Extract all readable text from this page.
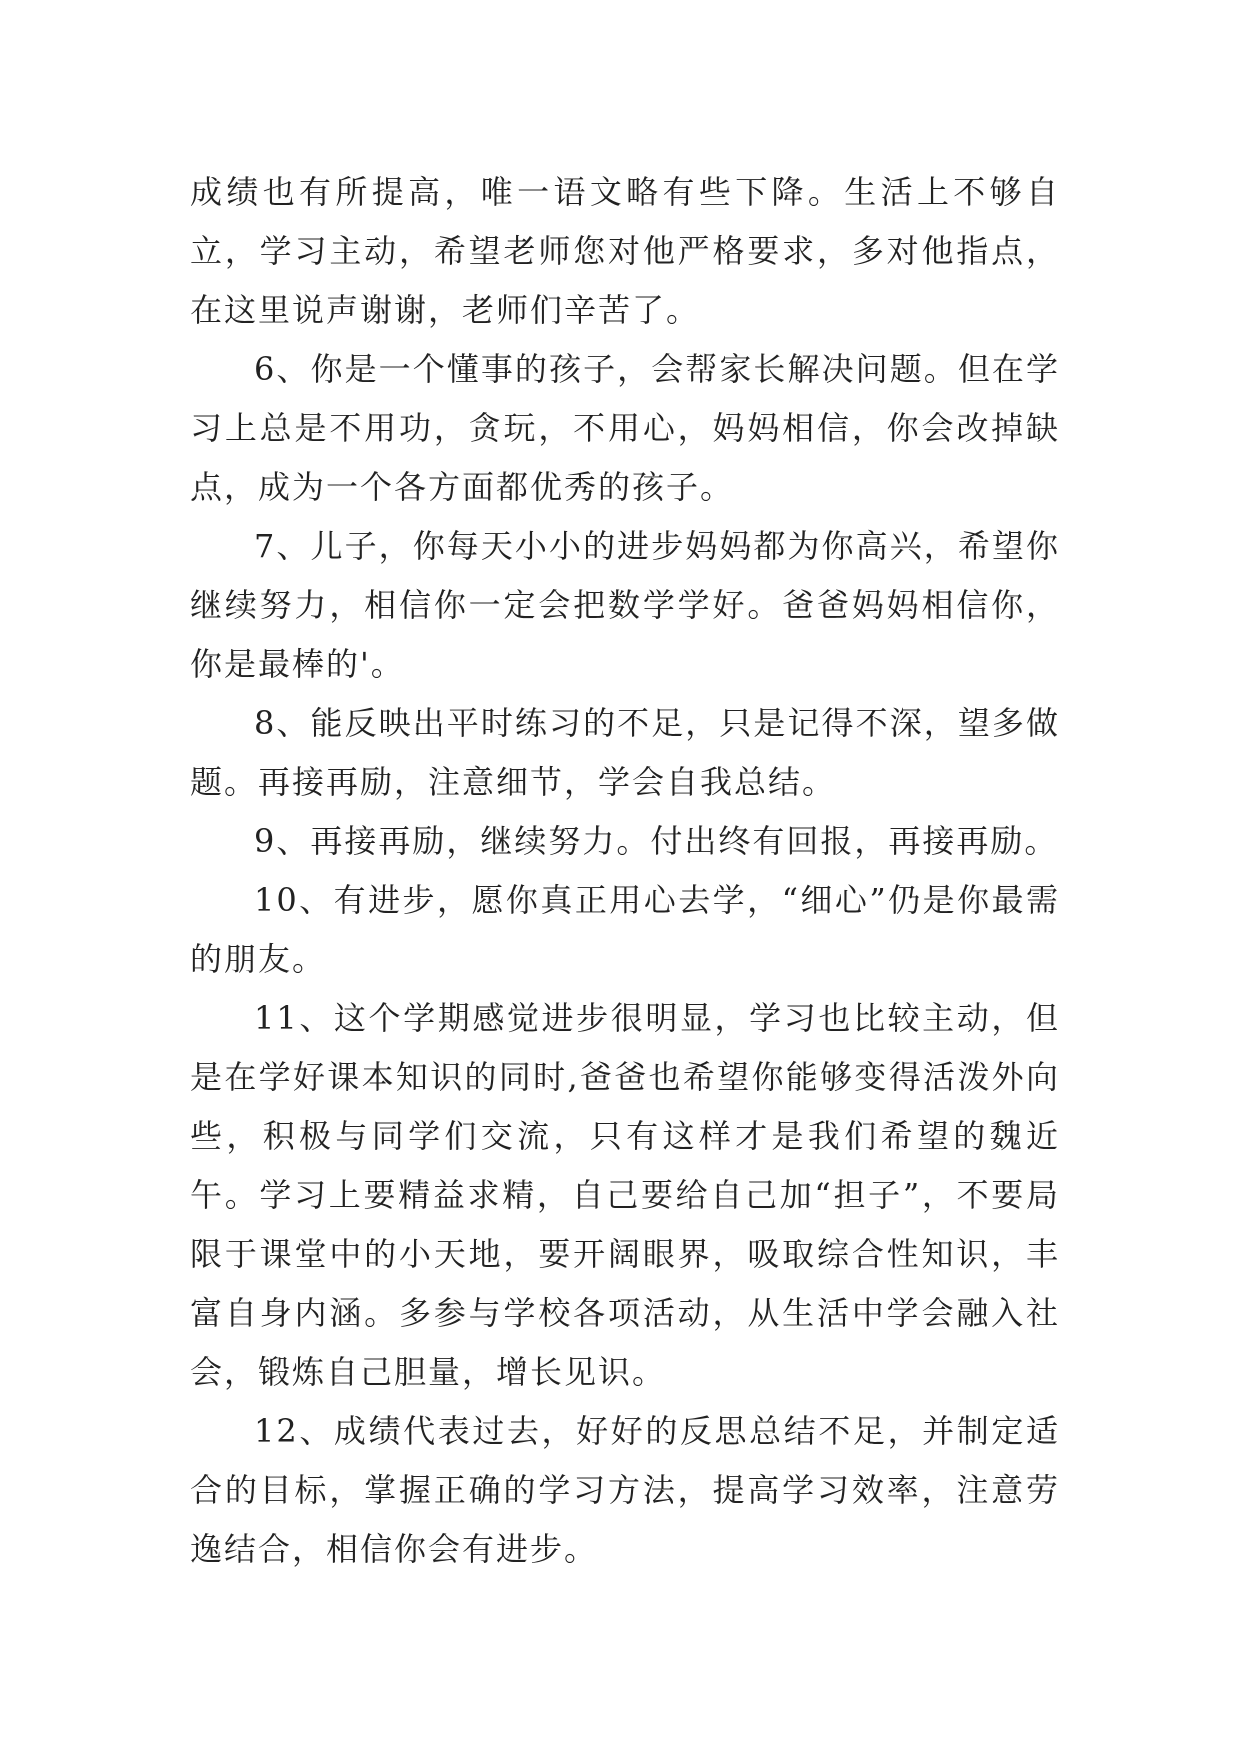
成绩也有所提高，唯一语文略有些下降。生活上不够自立，学习主动，希望老师您对他严格要求，多对他指点，在这里说声谢谢，老师们辛苦了。

6、你是一个懂事的孩子，会帮家长解决问题。但在学习上总是不用功，贪玩，不用心，妈妈相信，你会改掉缺点，成为一个各方面都优秀的孩子。

7、儿子，你每天小小的进步妈妈都为你高兴，希望你继续努力，相信你一定会把数学学好。爸爸妈妈相信你，你是最棒的'。

8、能反映出平时练习的不足，只是记得不深，望多做题。再接再励，注意细节，学会自我总结。

9、再接再励，继续努力。付出终有回报，再接再励。

10、有进步，愿你真正用心去学，“细心”仍是你最需的朋友。

11、这个学期感觉进步很明显，学习也比较主动，但是在学好课本知识的同时,爸爸也希望你能够变得活泼外向些，积极与同学们交流，只有这样才是我们希望的魏近午。学习上要精益求精，自己要给自己加“担子”，不要局限于课堂中的小天地，要开阔眼界，吸取综合性知识，丰富自身内涵。多参与学校各项活动，从生活中学会融入社会，锻炼自己胆量，增长见识。

12、成绩代表过去，好好的反思总结不足，并制定适合的目标，掌握正确的学习方法，提高学习效率，注意劳逸结合，相信你会有进步。
